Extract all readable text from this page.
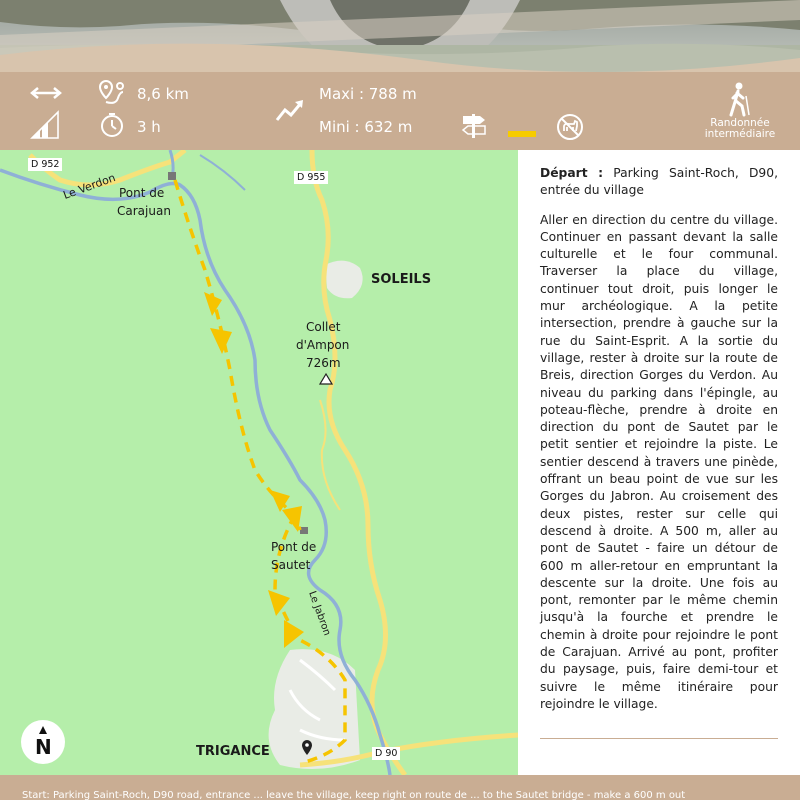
8,6 km
3 h
Maxi : 788 m
Mini : 632 m	Randonnée
intermédiaire
D 952
D 955
D 90
Le Verdon
Le Jabron
Pont de
Carajuan
SOLEILS
Collet
d'Ampon
726m
Pont de
Sautet
TRIGANCE
N

Départ : Parking Saint-Roch, D90, entrée du village

Aller en direction du centre du village. Continuer en passant devant la salle culturelle et le four communal. Traverser la place du village, continuer tout droit, puis longer le mur archéologique. A la petite intersection, prendre à gauche sur la rue du Saint-Esprit. A la sortie du village, rester à droite sur la route de Breis, direction Gorges du Verdon. Au niveau du parking dans l'épingle, au poteau-flèche, prendre à droite en direction du pont de Sautet par le petit sentier et rejoindre la piste. Le sentier descend à travers une pinède, offrant un beau point de vue sur les Gorges du Jabron. Au croisement des deux pistes, rester sur celle qui descend à droite. A 500 m, aller au pont de Sautet - faire un détour de 600 m aller-retour en empruntant la descente sur la droite. Une fois au pont, remonter par le même chemin jusqu'à la fourche et prendre le chemin à droite pour rejoindre le pont de Carajuan. Arrivé au pont, profiter du paysage, puis, faire demi-tour et suivre le même itinéraire pour rejoindre le village.

Start: Parking Saint-Roch, D90 road, entrance ... leave the village, keep right on route de ... to the Sautet bridge - make a 600 m out
